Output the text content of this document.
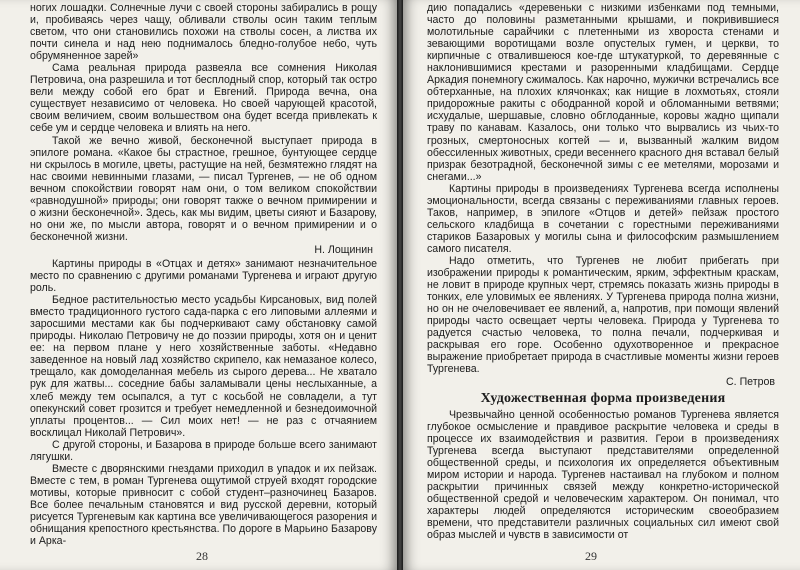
ногих лошадки. Солнечные лучи с своей стороны забирались в рощу и, пробиваясь через чащу, обливали стволы осин таким теплым светом, что они становились похожи на стволы сосен, а листва их почти синела и над нею поднималось бледно-голубое небо, чуть обрумяненное зарей»

Сама реальная природа развеяла все сомнения Николая Петровича, она разрешила и тот бесплодный спор, который так остро вели между собой его брат и Евгений. Природа вечна, она существует независимо от человека. Но своей чарующей красотой, своим величием, своим вольшеством она будет всегда привлекать к себе ум и сердце человека и влиять на него.

Такой же вечно живой, бесконечной выступает природа в эпилоге романа. «Какое бы страстное, грешное, бунтующее сердце ни скрылось в могиле, цветы, растущие на ней, безмятежно глядят на нас своими невинными глазами, — писал Тургенев, — не об одном вечном спокойствии говорят нам они, о том великом спокойствии «равнодушной» природы; они говорят также о вечном примирении и о жизни бесконечной». Здесь, как мы видим, цветы сияют и Базарову, но они же, по мысли автора, говорят и о вечном примирении и о бесконечной жизни.

Н. Лощинин

Картины природы в «Отцах и детях» занимают незначительное место по сравнению с другими романами Тургенева и играют другую роль.

Бедное растительностью место усадьбы Кирсановых, вид полей вместо традиционного густого сада-парка с его липовыми аллеями и заросшими местами как бы подчеркивают саму обстановку самой природы. Николаю Петровичу не до поэзии природы, хотя он и ценит ее: на первом плане у него хозяйственные заботы. «Недавно заведенное на новый лад хозяйство скрипело, как немазаное колесо, трещало, как домоделанная мебель из сырого дерева... Не хватало рук для жатвы... соседние бабы заламывали цены неслыханные, а хлеб между тем осыпался, а тут с косьбой не совладели, а тут опекунский совет грозится и требует немедленной и безнедоимочной уплаты процентов... — Сил моих нет! — не раз с отчаянием восклицал Николай Петрович».

С другой стороны, и Базарова в природе больше всего занимают лягушки.

Вместе с дворянскими гнездами приходил в упадок и их пейзаж. Вместе с тем, в роман Тургенева ощутимой струей входят городские мотивы, которые привносит с собой студент–разночинец Базаров. Все более печальным становятся и вид русской деревни, который рисуется Тургеневым как картина все увеличивающегося разорения и обнищания крепостного крестьянства. По дороге в Марьино Базарову и Арка-

28

дию попадались «деревеньки с низкими избенками под темными, часто до половины разметанными крышами, и покривившиеся молотильные сарайчики с плетенными из хвороста стенами и зевающими воротищами возле опустелых гумен, и церкви, то кирпичные с отвалившеюся кое-где штукатуркой, то деревянные с наклонившимися крестами и разоренными кладбищами. Сердце Аркадия понемногу сжималось. Как нарочно, мужички встречались все обтерханные, на плохих клячонках; как нищие в лохмотьях, стояли придорожные ракиты с ободранной корой и обломанными ветвями; исхудалые, шершавые, словно обглоданные, коровы жадно щипали траву по канавам. Казалось, они только что вырвались из чьих-то грозных, смертоносных когтей — и, вызванный жалким видом обессиленных животных, среди весеннего красного дня вставал белый призрак безотрадной, бесконечной зимы с ее метелями, морозами и снегами...»

Картины природы в произведениях Тургенева всегда исполнены эмоциональности, всегда связаны с переживаниями главных героев. Таков, например, в эпилоге «Отцов и детей» пейзаж простого сельского кладбища в сочетании с горестными переживаниями стариков Базаровых у могилы сына и философским размышлением самого писателя.

Надо отметить, что Тургенев не любит прибегать при изображении природы к романтическим, ярким, эффектным краскам, не ловит в природе крупных черт, стремясь показать жизнь природы в тонких, еле уловимых ее явлениях. У Тургенева природа полна жизни, но он не очеловечивает ее явлений, а, напротив, при помощи явлений природы часто освещает черты человека. Природа у Тургенева то радуется счастью человека, то полна печали, подчеркивая и раскрывая его горе. Особенно одухотворенное и прекрасное выражение приобретает природа в счастливые моменты жизни героев Тургенева.

С. Петров
Художественная форма произведения

Чрезвычайно ценной особенностью романов Тургенева является глубокое осмысление и правдивое раскрытие человека и среды в процессе их взаимодействия и развития. Герои в произведениях Тургенева всегда выступают представителями определенной общественной среды, и психология их определяется объективным миром истории и народа. Тургенев настаивал на глубоком и полном раскрытии причинных связей между конкретно-исторической общественной средой и человеческим характером. Он понимал, что характеры людей определяются историческим своеобразием времени, что представители различных социальных сил имеют свой образ мыслей и чувств в зависимости от

29
